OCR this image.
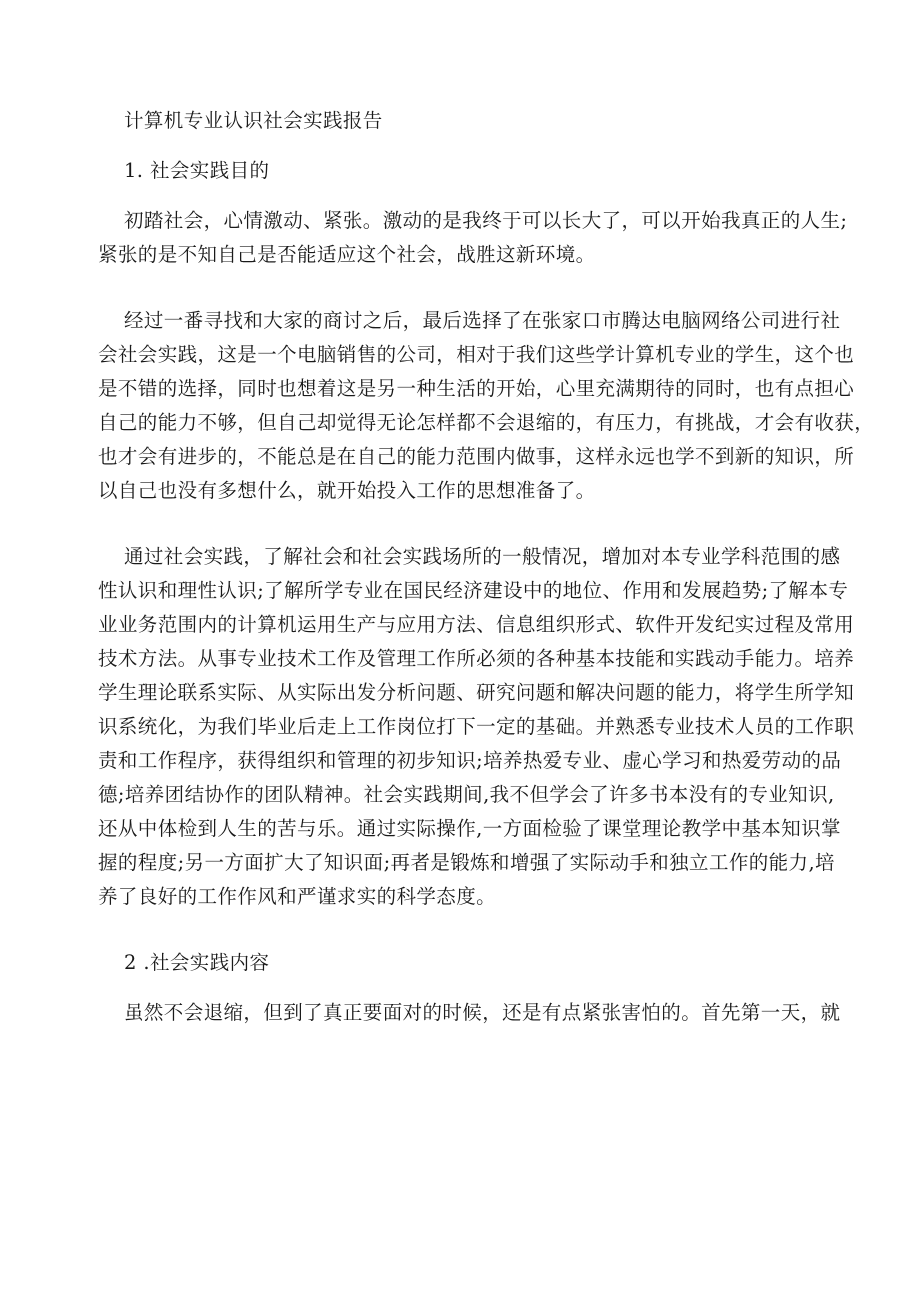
计算机专业认识社会实践报告
1. 社会实践目的
初踏社会，心情激动、紧张。激动的是我终于可以长大了，可以开始我真正的人生;
紧张的是不知自己是否能适应这个社会，战胜这新环境。
经过一番寻找和大家的商讨之后，最后选择了在张家口市腾达电脑网络公司进行社
会社会实践，这是一个电脑销售的公司，相对于我们这些学计算机专业的学生，这个也
是不错的选择，同时也想着这是另一种生活的开始，心里充满期待的同时，也有点担心
自己的能力不够，但自己却觉得无论怎样都不会退缩的，有压力，有挑战，才会有收获，
也才会有进步的，不能总是在自己的能力范围内做事，这样永远也学不到新的知识，所
以自己也没有多想什么，就开始投入工作的思想准备了。
通过社会实践，了解社会和社会实践场所的一般情况，增加对本专业学科范围的感
性认识和理性认识;了解所学专业在国民经济建设中的地位、作用和发展趋势;了解本专
业业务范围内的计算机运用生产与应用方法、信息组织形式、软件开发纪实过程及常用
技术方法。从事专业技术工作及管理工作所必须的各种基本技能和实践动手能力。培养
学生理论联系实际、从实际出发分析问题、研究问题和解决问题的能力，将学生所学知
识系统化，为我们毕业后走上工作岗位打下一定的基础。并熟悉专业技术人员的工作职
责和工作程序，获得组织和管理的初步知识;培养热爱专业、虚心学习和热爱劳动的品
德;培养团结协作的团队精神。社会实践期间,我不但学会了许多书本没有的专业知识,
还从中体检到人生的苦与乐。通过实际操作,一方面检验了课堂理论教学中基本知识掌
握的程度;另一方面扩大了知识面;再者是锻炼和增强了实际动手和独立工作的能力,培
养了良好的工作作风和严谨求实的科学态度。
2 .社会实践内容
虽然不会退缩，但到了真正要面对的时候，还是有点紧张害怕的。首先第一天，就
